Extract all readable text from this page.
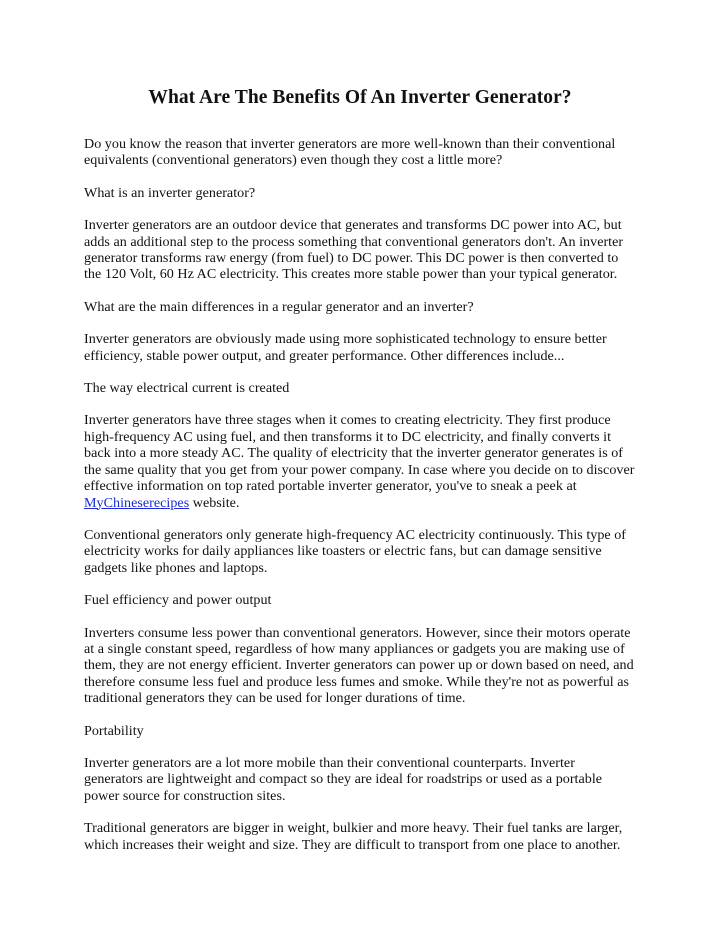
What Are The Benefits Of An Inverter Generator?

Do you know the reason that inverter generators are more well-known than their conventional equivalents (conventional generators) even though they cost a little more?

What is an inverter generator?

Inverter generators are an outdoor device that generates and transforms DC power into AC, but adds an additional step to the process something that conventional generators don't. An inverter generator transforms raw energy (from fuel) to DC power. This DC power is then converted to the 120 Volt, 60 Hz AC electricity. This creates more stable power than your typical generator.

What are the main differences in a regular generator and an inverter?

Inverter generators are obviously made using more sophisticated technology to ensure better efficiency, stable power output, and greater performance. Other differences include...

The way electrical current is created

Inverter generators have three stages when it comes to creating electricity. They first produce high-frequency AC using fuel, and then transforms it to DC electricity, and finally converts it back into a more steady AC. The quality of electricity that the inverter generator generates is of the same quality that you get from your power company. In case where you decide on to discover effective information on top rated portable inverter generator, you've to sneak a peek at MyChineserecipes website.

Conventional generators only generate high-frequency AC electricity continuously. This type of electricity works for daily appliances like toasters or electric fans, but can damage sensitive gadgets like phones and laptops.

Fuel efficiency and power output

Inverters consume less power than conventional generators. However, since their motors operate at a single constant speed, regardless of how many appliances or gadgets you are making use of them, they are not energy efficient. Inverter generators can power up or down based on need, and therefore consume less fuel and produce less fumes and smoke. While they're not as powerful as traditional generators they can be used for longer durations of time.

Portability

Inverter generators are a lot more mobile than their conventional counterparts. Inverter generators are lightweight and compact so they are ideal for roadstrips or used as a portable power source for construction sites.

Traditional generators are bigger in weight, bulkier and more heavy. Their fuel tanks are larger, which increases their weight and size. They are difficult to transport from one place to another.
